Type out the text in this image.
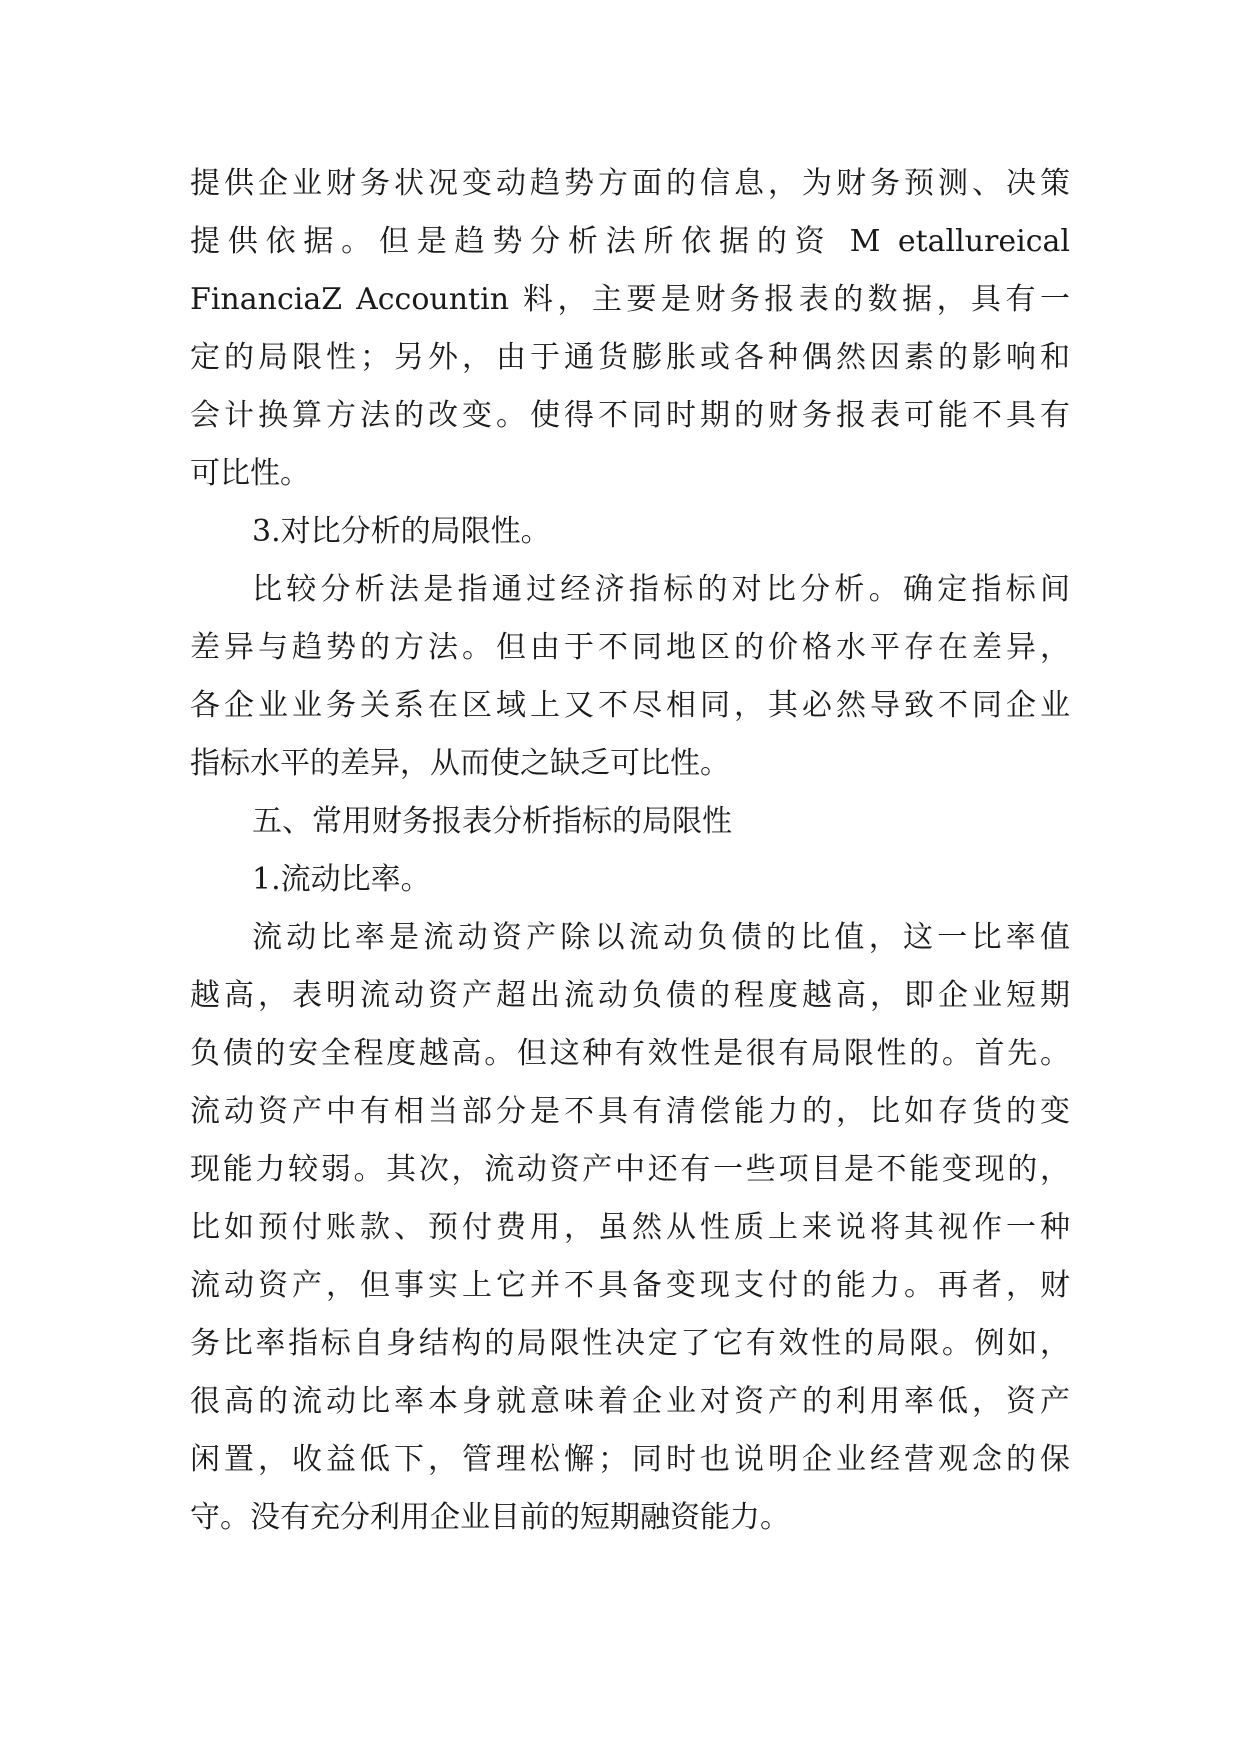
提供企业财务状况变动趋势方面的信息，为财务预测、决策
提供依据。但是趋势分析法所依据的资 M etallureical
FinanciaZ Accountin 料，主要是财务报表的数据，具有一
定的局限性；另外，由于通货膨胀或各种偶然因素的影响和
会计换算方法的改变。使得不同时期的财务报表可能不具有
可比性。
3.对比分析的局限性。
比较分析法是指通过经济指标的对比分析。确定指标间
差异与趋势的方法。但由于不同地区的价格水平存在差异，
各企业业务关系在区域上又不尽相同，其必然导致不同企业
指标水平的差异，从而使之缺乏可比性。
五、常用财务报表分析指标的局限性
1.流动比率。
流动比率是流动资产除以流动负债的比值，这一比率值
越高，表明流动资产超出流动负债的程度越高，即企业短期
负债的安全程度越高。但这种有效性是很有局限性的。首先。
流动资产中有相当部分是不具有清偿能力的，比如存货的变
现能力较弱。其次，流动资产中还有一些项目是不能变现的，
比如预付账款、预付费用，虽然从性质上来说将其视作一种
流动资产，但事实上它并不具备变现支付的能力。再者，财
务比率指标自身结构的局限性决定了它有效性的局限。例如，
很高的流动比率本身就意味着企业对资产的利用率低，资产
闲置，收益低下，管理松懈；同时也说明企业经营观念的保
守。没有充分利用企业目前的短期融资能力。
